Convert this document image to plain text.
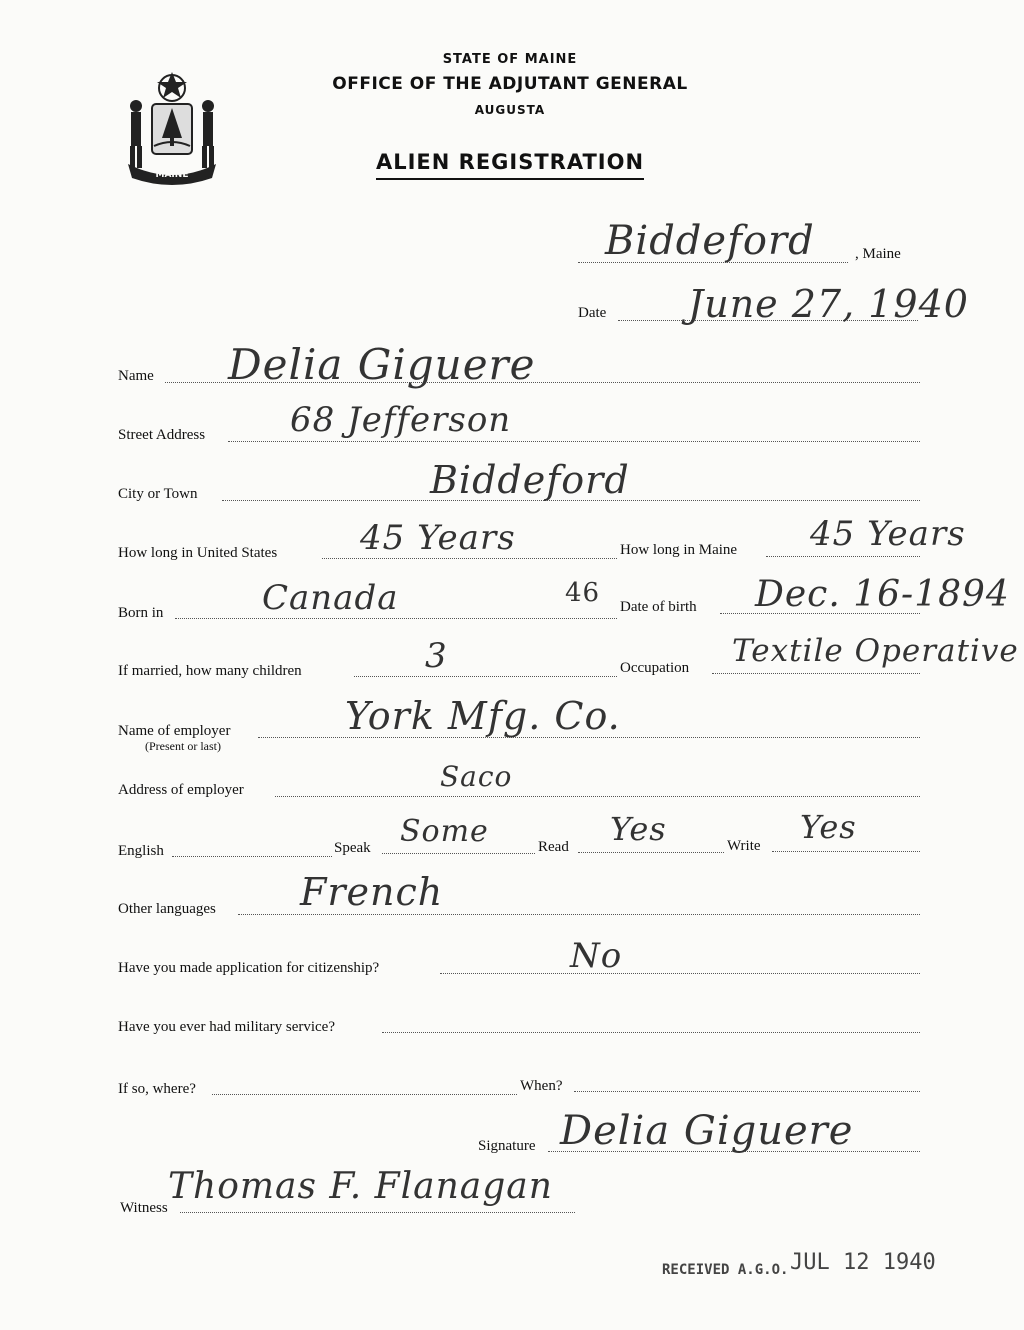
STATE OF MAINE
OFFICE OF THE ADJUTANT GENERAL
AUGUSTA
ALIEN REGISTRATION
MAINE
Biddeford	, Maine
Date June 27, 1940
Name Delia Giguere
Street Address 68 Jefferson
City or Town	Biddeford
How long in United States 45 Years	How long in Maine 45 Years
Born in	Canada	46 Date of birth Dec. 16-1894
If married, how many children	3	Occupation Textile Operative
Name of employer
(Present or last)
York Mfg. Co.
Address of employer	Saco
English	Speak Some	Read Yes	Write Yes
Other languages French
Have you made application for citizenship?	No
Have you ever had military service?
If so, where?	When?
Signature Delia Giguere
Witness
Thomas F. Flanagan
RECEIVED A.G.O. JUL 12 1940
